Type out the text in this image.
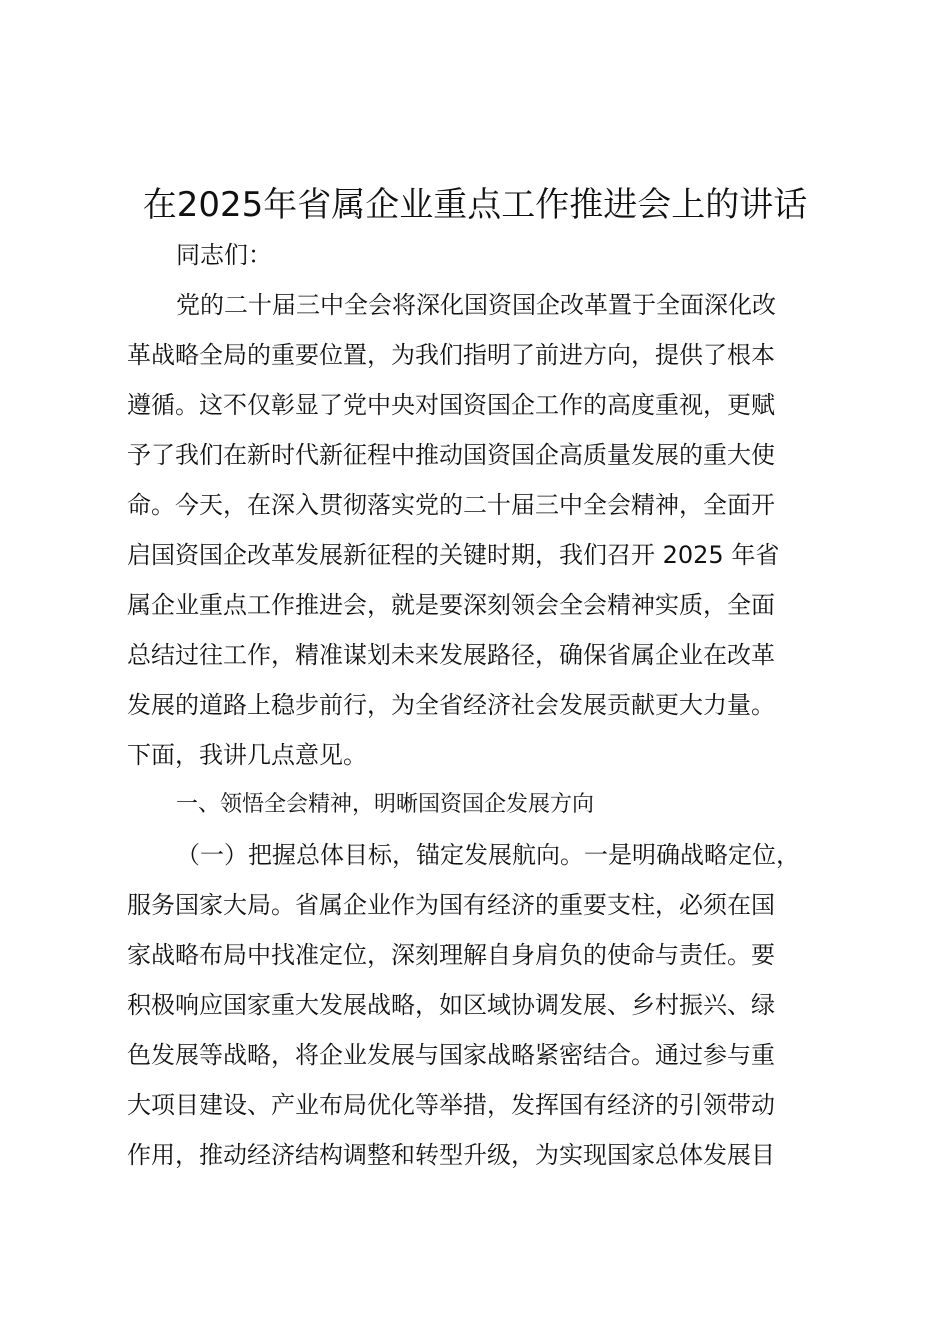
在2025年省属企业重点工作推进会上的讲话
同志们：
党的二十届三中全会将深化国资国企改革置于全面深化改
革战略全局的重要位置，为我们指明了前进方向，提供了根本
遵循。这不仅彰显了党中央对国资国企工作的高度重视，更赋
予了我们在新时代新征程中推动国资国企高质量发展的重大使
命。今天，在深入贯彻落实党的二十届三中全会精神，全面开
启国资国企改革发展新征程的关键时期，我们召开 2025 年省
属企业重点工作推进会，就是要深刻领会全会精神实质，全面
总结过往工作，精准谋划未来发展路径，确保省属企业在改革
发展的道路上稳步前行，为全省经济社会发展贡献更大力量。
下面，我讲几点意见。
一、领悟全会精神，明晰国资国企发展方向
（一）把握总体目标，锚定发展航向。一是明确战略定位，
服务国家大局。省属企业作为国有经济的重要支柱，必须在国
家战略布局中找准定位，深刻理解自身肩负的使命与责任。要
积极响应国家重大发展战略，如区域协调发展、乡村振兴、绿
色发展等战略，将企业发展与国家战略紧密结合。通过参与重
大项目建设、产业布局优化等举措，发挥国有经济的引领带动
作用，推动经济结构调整和转型升级，为实现国家总体发展目
